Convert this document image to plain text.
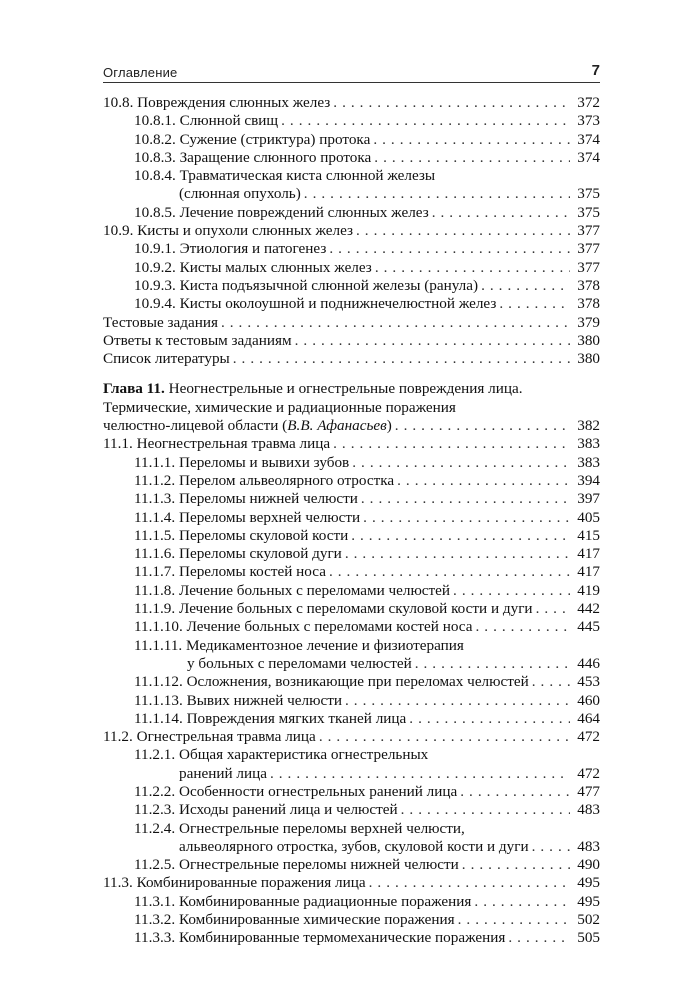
Оглавление	7
10.8. Повреждения слюнных желез . . .	372
10.8.1. Слюнной свищ . . .	373
10.8.2. Сужение (стриктура) протока . . .	374
10.8.3. Заращение слюнного протока . . .	374
10.8.4. Травматическая киста слюнной железы
(слюнная опухоль) . . .	375
10.8.5. Лечение повреждений слюнных желез . . .	375
10.9. Кисты и опухоли слюнных желез . . .	377
10.9.1. Этиология и патогенез . . .	377
10.9.2. Кисты малых слюнных желез . . .	377
10.9.3. Киста подъязычной слюнной железы (ранула) . . .	378
10.9.4. Кисты околоушной и поднижнечелюстной желез . . .	378
Тестовые задания . . .	379
Ответы к тестовым заданиям . . .	380
Список литературы . . .	380
Глава 11. Неогнестрельные и огнестрельные повреждения лица.
Термические, химические и радиационные поражения
челюстно-лицевой области (В.В. Афанасьев) . . .	382
11.1. Неогнестрельная травма лица . . .	383
11.1.1. Переломы и вывихи зубов . . .	383
11.1.2. Перелом альвеолярного отростка . . .	394
11.1.3. Переломы нижней челюсти . . .	397
11.1.4. Переломы верхней челюсти . . .	405
11.1.5. Переломы скуловой кости . . .	415
11.1.6. Переломы скуловой дуги . . .	417
11.1.7. Переломы костей носа . . .	417
11.1.8. Лечение больных с переломами челюстей . . .	419
11.1.9. Лечение больных с переломами скуловой кости и дуги . . .	442
11.1.10. Лечение больных с переломами костей носа . . .	445
11.1.11. Медикаментозное лечение и физиотерапия
у больных с переломами челюстей . . .	446
11.1.12. Осложнения, возникающие при переломах челюстей . . .	453
11.1.13. Вывих нижней челюсти . . .	460
11.1.14. Повреждения мягких тканей лица . . .	464
11.2. Огнестрельная травма лица . . .	472
11.2.1. Общая характеристика огнестрельных
ранений лица . . .	472
11.2.2. Особенности огнестрельных ранений лица . . .	477
11.2.3. Исходы ранений лица и челюстей . . .	483
11.2.4. Огнестрельные переломы верхней челюсти,
альвеолярного отростка, зубов, скуловой кости и дуги . . .	483
11.2.5. Огнестрельные переломы нижней челюсти . . .	490
11.3. Комбинированные поражения лица . . .	495
11.3.1. Комбинированные радиационные поражения . . .	495
11.3.2. Комбинированные химические поражения . . .	502
11.3.3. Комбинированные термомеханические поражения . . .	505
